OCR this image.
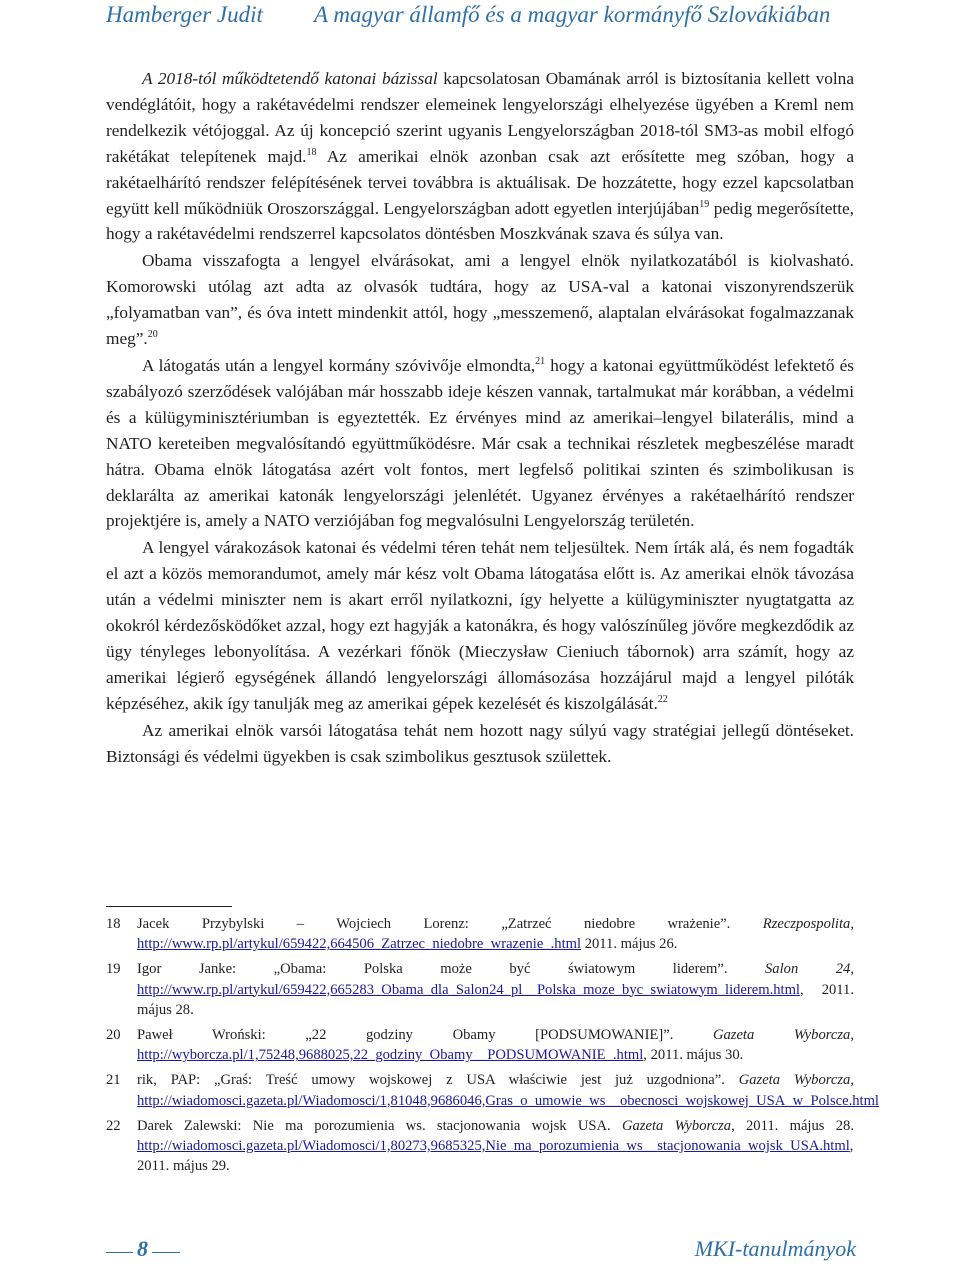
Hamberger Judit A magyar államfő és a magyar kormányfő Szlovákiában

A 2018-tól működtetendő katonai bázissal kapcsolatosan Obamának arról is biztosítania kellett volna vendéglátóit, hogy a rakétavédelmi rendszer elemeinek lengyelországi elhelyezése ügyében a Kreml nem rendelkezik vétójoggal. Az új koncepció szerint ugyanis Lengyelországban 2018-tól SM3-as mobil elfogó rakétákat telepítenek majd.$^{18}$ Az amerikai elnök azonban csak azt erősítette meg szóban, hogy a rakétaelhárító rendszer felépítésének tervei továbbra is aktuálisak. De hozzátette, hogy ezzel kapcsolatban együtt kell működniük Oroszországgal. Lengyelországban adott egyetlen interjújában$^{19}$ pedig megerősítette, hogy a rakétavédelmi rendszerrel kapcsolatos döntésben Moszkvának szava és súlya van.

Obama visszafogta a lengyel elvárásokat, ami a lengyel elnök nyilatkozatából is kiolvasható. Komorowski utólag azt adta az olvasók tudtára, hogy az USA-val a katonai viszonyrendszerük „folyamatban van”, és óva intett mindenkit attól, hogy „messzemenő, alaptalan elvárásokat fogalmazzanak meg”.$^{20}$

A látogatás után a lengyel kormány szóvivője elmondta,$^{21}$ hogy a katonai együttműködést lefektető és szabályozó szerződések valójában már hosszabb ideje készen vannak, tartalmukat már korábban, a védelmi és a külügyminisztériumban is egyeztették. Ez érvényes mind az amerikai–lengyel bilaterális, mind a NATO kereteiben megvalósítandó együttműködésre. Már csak a technikai részletek megbeszélése maradt hátra. Obama elnök látogatása azért volt fontos, mert legfelső politikai szinten és szimbolikusan is deklarálta az amerikai katonák lengyelországi jelenlétét. Ugyanez érvényes a rakétaelhárító rendszer projektjére is, amely a NATO verziójában fog megvalósulni Lengyelország területén.

A lengyel várakozások katonai és védelmi téren tehát nem teljesültek. Nem írták alá, és nem fogadták el azt a közös memorandumot, amely már kész volt Obama látogatása előtt is. Az amerikai elnök távozása után a védelmi miniszter nem is akart erről nyilatkozni, így helyette a külügyminiszter nyugtatgatta az okokról kérdezősködőket azzal, hogy ezt hagyják a katonákra, és hogy valószínűleg jövőre megkezdődik az ügy tényleges lebonyolítása. A vezérkari főnök (Mieczysław Cieniuch tábornok) arra számít, hogy az amerikai légierő egységének állandó lengyelországi állomásozása hozzájárul majd a lengyel pilóták képzéséhez, akik így tanulják meg az amerikai gépek kezelését és kiszolgálását.$^{22}$

Az amerikai elnök varsói látogatása tehát nem hozott nagy súlyú vagy stratégiai jellegű döntéseket. Biztonsági és védelmi ügyekben is csak szimbolikus gesztusok születtek.

18 Jacek Przybylski – Wojciech Lorenz: „Zatrzeć niedobre wrażenie”. Rzeczpospolita, http://www.rp.pl/artykul/659422,664506_Zatrzec_niedobre_wrazenie_.html 2011. május 26.
19 Igor Janke: „Obama: Polska może być światowym liderem”. Salon 24, http://www.rp.pl/artykul/659422,665283_Obama_dla_Salon24_pl__Polska_moze_byc_swiatowym_liderem.html, 2011. május 28.
20 Paweł Wroński: „22 godziny Obamy [PODSUMOWANIE]”. Gazeta Wyborcza, http://wyborcza.pl/1,75248,9688025,22_godziny_Obamy__PODSUMOWANIE_.html, 2011. május 30.
21 rik, PAP: „Graś: Treść umowy wojskowej z USA właściwie jest już uzgodniona”. Gazeta Wyborcza, http://wiadomosci.gazeta.pl/Wiadomosci/1,81048,9686046,Gras_o_umowie_ws__obecnosci_wojskowej_USA_w_Polsce.html
22 Darek Zalewski: Nie ma porozumienia ws. stacjonowania wojsk USA. Gazeta Wyborcza, 2011. május 28. http://wiadomosci.gazeta.pl/Wiadomosci/1,80273,9685325,Nie_ma_porozumienia_ws__stacjonowania_wojsk_USA.html, 2011. május 29.
8	MKI-tanulmányok
